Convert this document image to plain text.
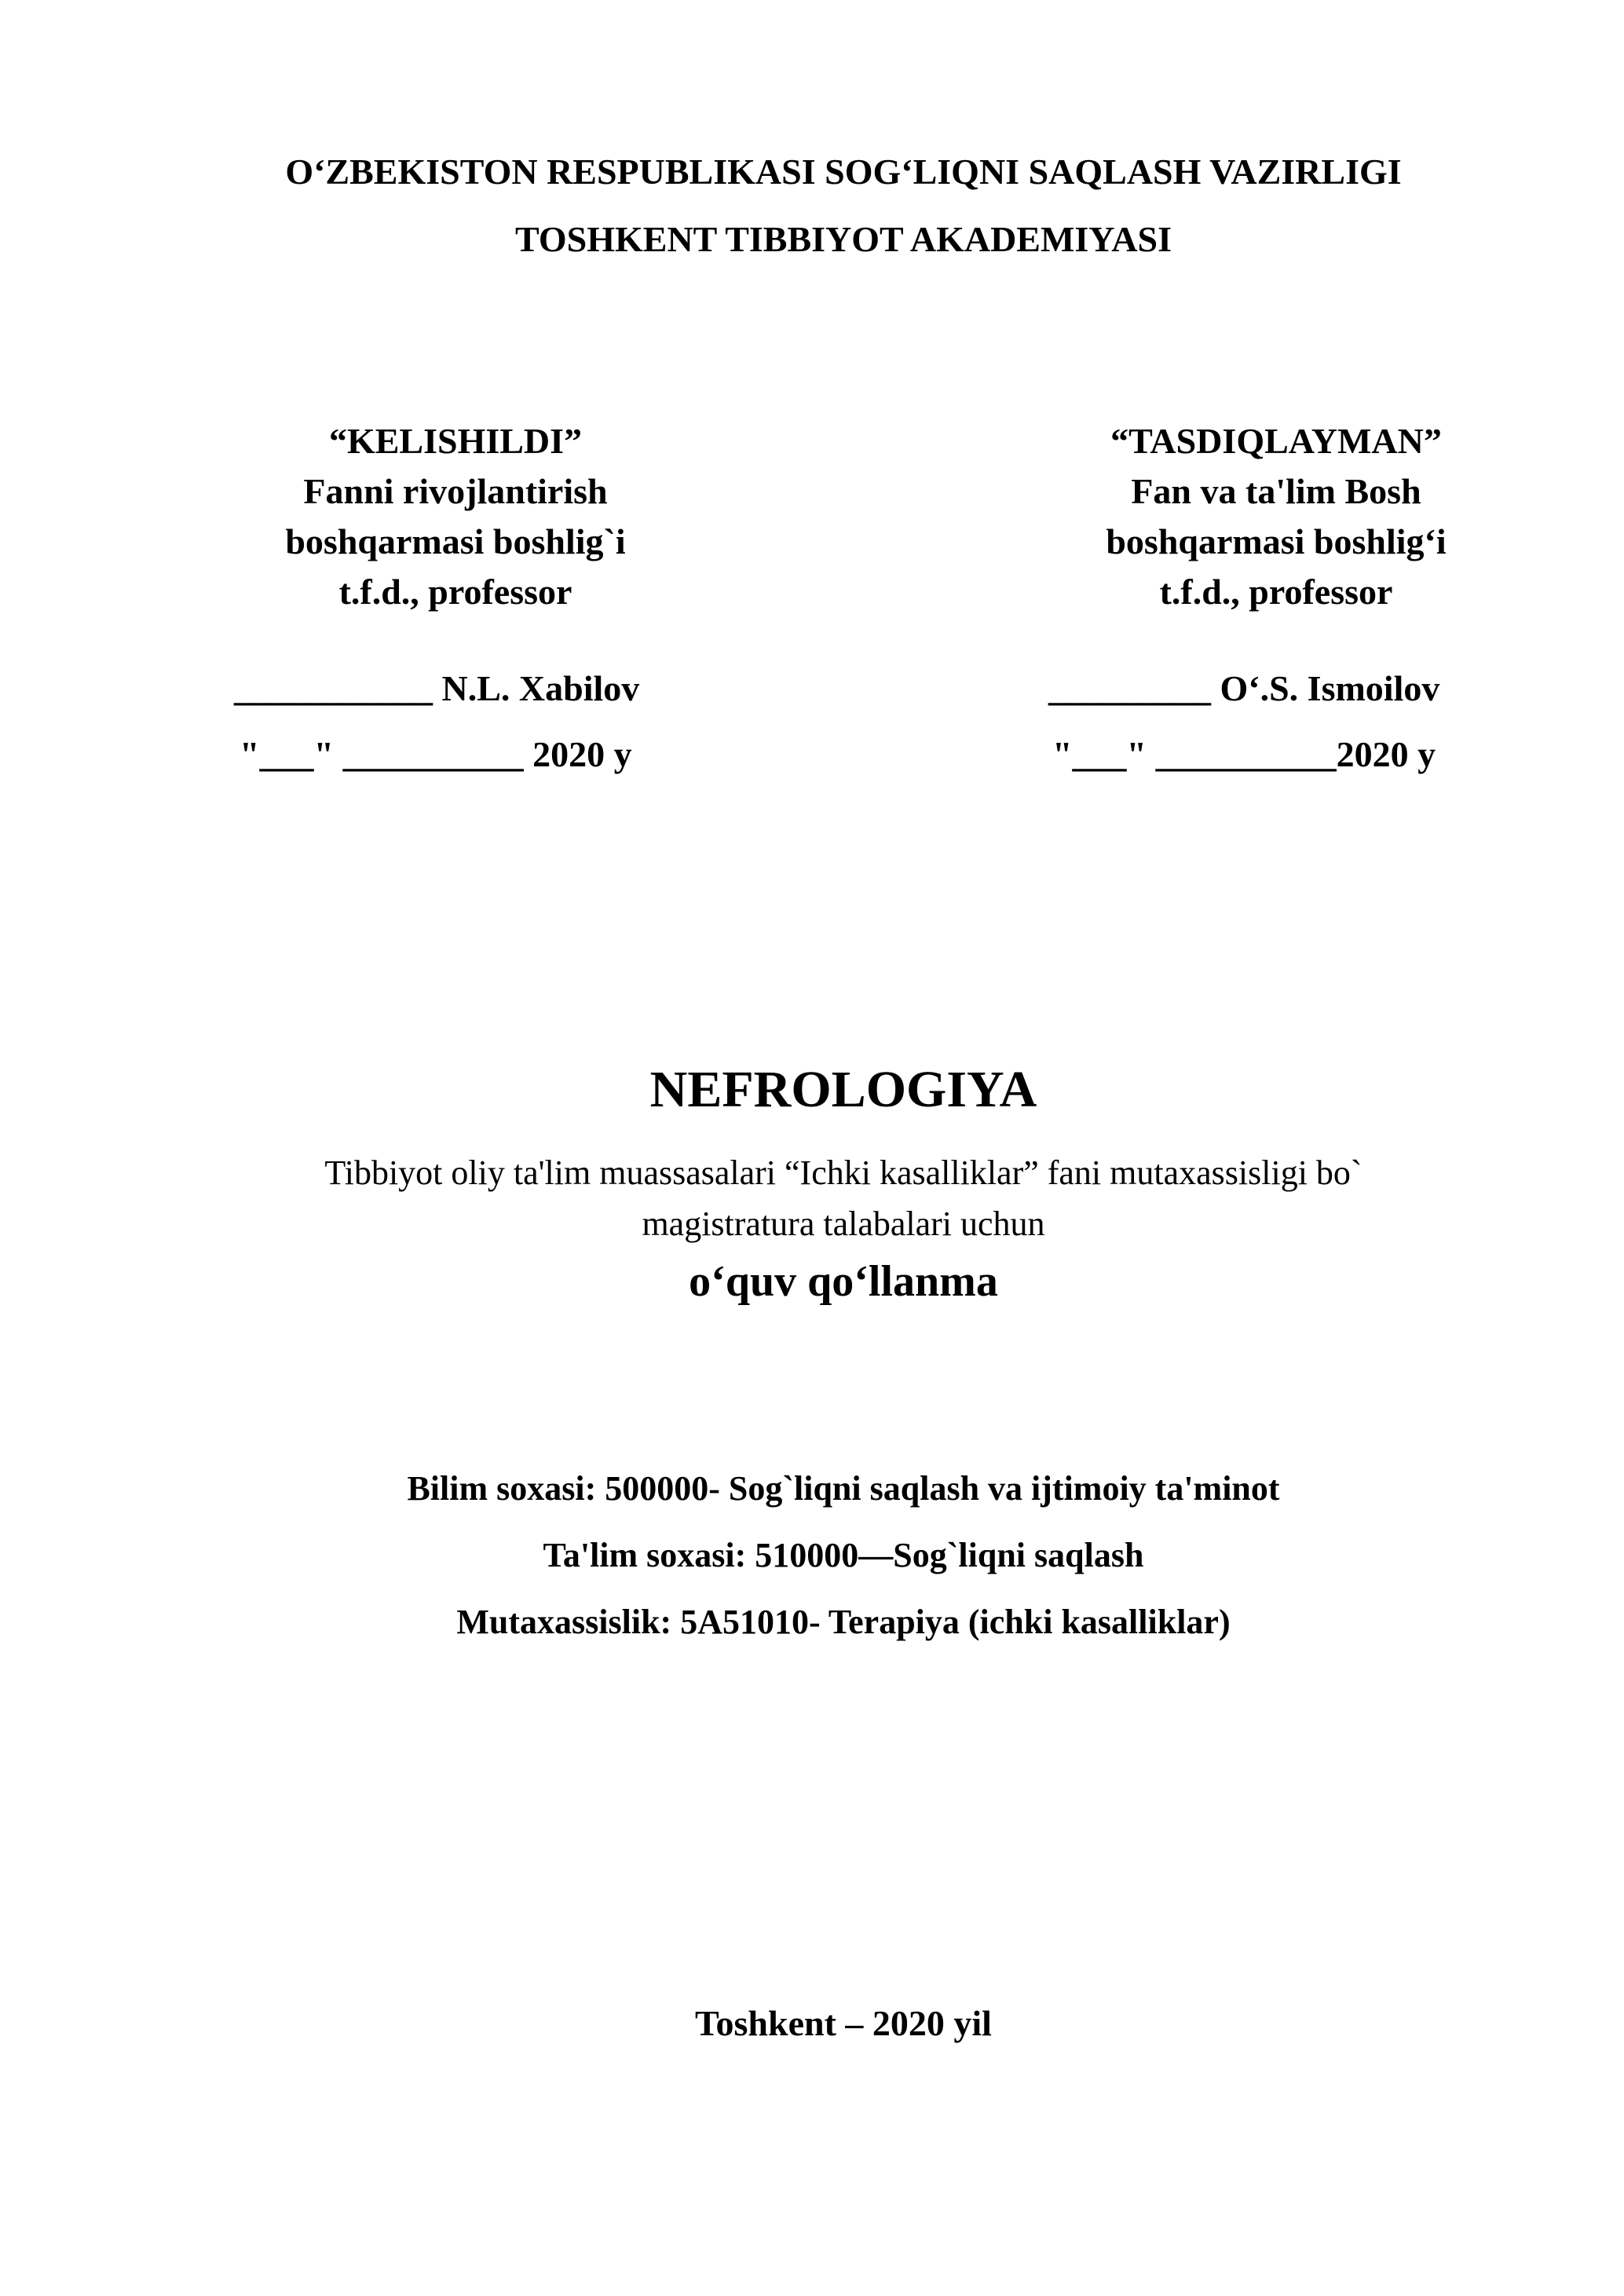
O‘ZBEKISTON RESPUBLIKASI SOG‘LIQNI SAQLASH VAZIRLIGI
TOSHKENT TIBBIYOT AKADEMIYASI
“KELISHILDI”
Fanni rivojlantirish
boshqarmasi boshlig`i
t.f.d., professor
___________ N.L. Xabilov
"___" __________ 2020 y
“TASDIQLAYMAN”
Fan va ta'lim Bosh
boshqarmasi boshlig‘i
t.f.d., professor
_________ O‘.S. Ismoilov
"___" __________2020 y
NEFROLOGIYA
Tibbiyot oliy ta'lim muassasalari “Ichki kasalliklar” fani mutaxassisligi bo`
magistratura talabalari uchun
o‘quv qo‘llanma
Bilim soxasi: 500000- Sog`liqni saqlash va ijtimoiy ta'minot
Ta'lim soxasi: 510000—Sog`liqni saqlash
Mutaxassislik: 5A51010- Terapiya (ichki kasalliklar)
Toshkent – 2020 yil
